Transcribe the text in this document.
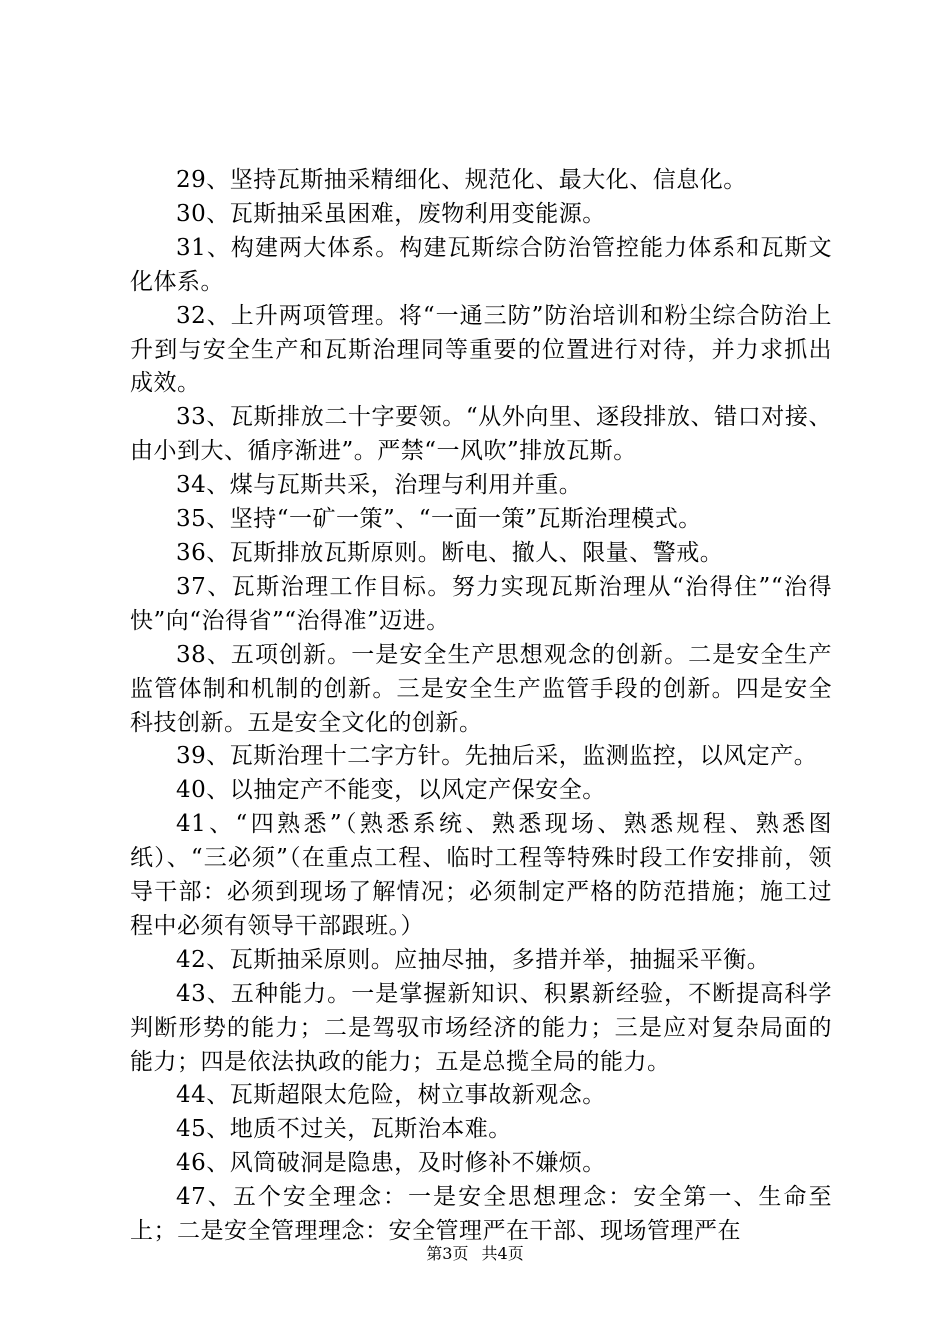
29、坚持瓦斯抽采精细化、规范化、最大化、信息化。

30、瓦斯抽采虽困难，废物利用变能源。

31、构建两大体系。构建瓦斯综合防治管控能力体系和瓦斯文化体系。

32、上升两项管理。将“一通三防”防治培训和粉尘综合防治上升到与安全生产和瓦斯治理同等重要的位置进行对待，并力求抓出成效。

33、瓦斯排放二十字要领。“从外向里、逐段排放、错口对接、由小到大、循序渐进”。严禁“一风吹”排放瓦斯。

34、煤与瓦斯共采，治理与利用并重。

35、坚持“一矿一策”、“一面一策”瓦斯治理模式。

36、瓦斯排放瓦斯原则。断电、撤人、限量、警戒。

37、瓦斯治理工作目标。努力实现瓦斯治理从“治得住”“治得快”向“治得省”“治得准”迈进。

38、五项创新。一是安全生产思想观念的创新。二是安全生产监管体制和机制的创新。三是安全生产监管手段的创新。四是安全科技创新。五是安全文化的创新。

39、瓦斯治理十二字方针。先抽后采，监测监控，以风定产。

40、以抽定产不能变，以风定产保安全。

41、“四熟悉”（熟悉系统、熟悉现场、熟悉规程、熟悉图纸）、“三必须”（在重点工程、临时工程等特殊时段工作安排前，领导干部：必须到现场了解情况；必须制定严格的防范措施；施工过程中必须有领导干部跟班。）

42、瓦斯抽采原则。应抽尽抽，多措并举，抽掘采平衡。

43、五种能力。一是掌握新知识、积累新经验，不断提高科学判断形势的能力；二是驾驭市场经济的能力；三是应对复杂局面的能力；四是依法执政的能力；五是总揽全局的能力。

44、瓦斯超限太危险，树立事故新观念。

45、地质不过关，瓦斯治本难。

46、风筒破洞是隐患，及时修补不嫌烦。

47、五个安全理念：一是安全思想理念：安全第一、生命至上；二是安全管理理念：安全管理严在干部、现场管理严在

第3页 共4页
